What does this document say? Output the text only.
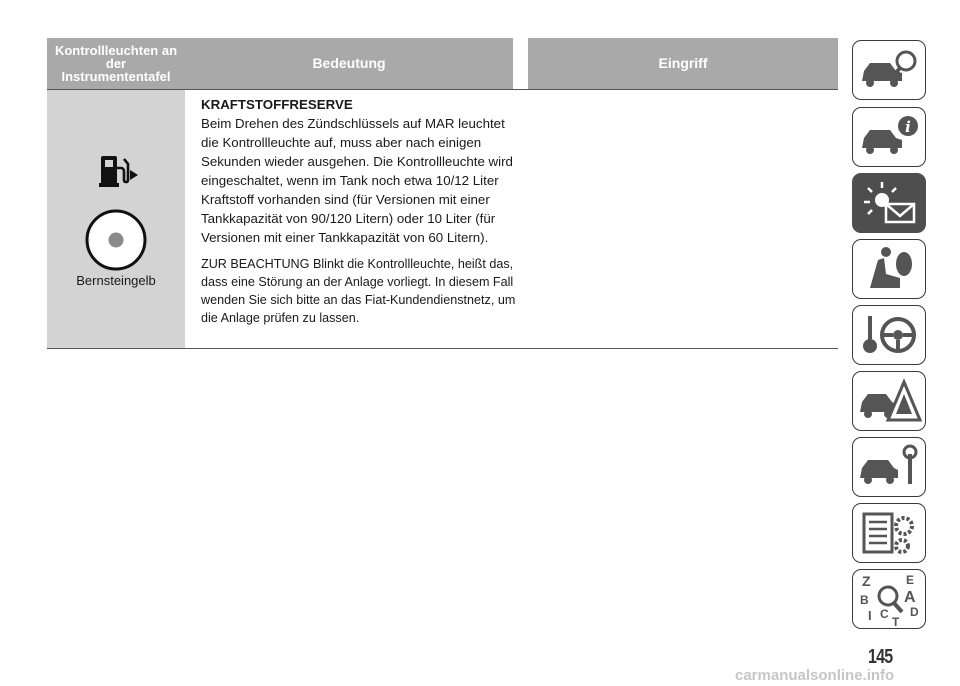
Kontrollleuchten an
der
Instrumententafel
Bedeutung	Eingriff
Bernsteingelb
KRAFTSTOFFRESERVE
Beim Drehen des Zündschlüssels auf MAR leuchtet die Kontrollleuchte auf, muss aber nach einigen Sekunden wieder ausgehen. Die Kontrollleuchte wird eingeschaltet, wenn im Tank noch etwa 10/12 Liter Kraftstoff vorhanden sind (für Versionen mit einer Tankkapazität von 90/120 Litern) oder 10 Liter (für Versionen mit einer Tankkapazität von 60 Litern).
ZUR BEACHTUNG Blinkt die Kontrollleuchte, heißt das, dass eine Störung an der Anlage vorliegt. In diesem Fall wenden Sie sich bitte an das Fiat-Kundendienstnetz, um die Anlage prüfen zu lassen.
i
Z	E
A
B
C D
I T
145
carmanualsonline.info
